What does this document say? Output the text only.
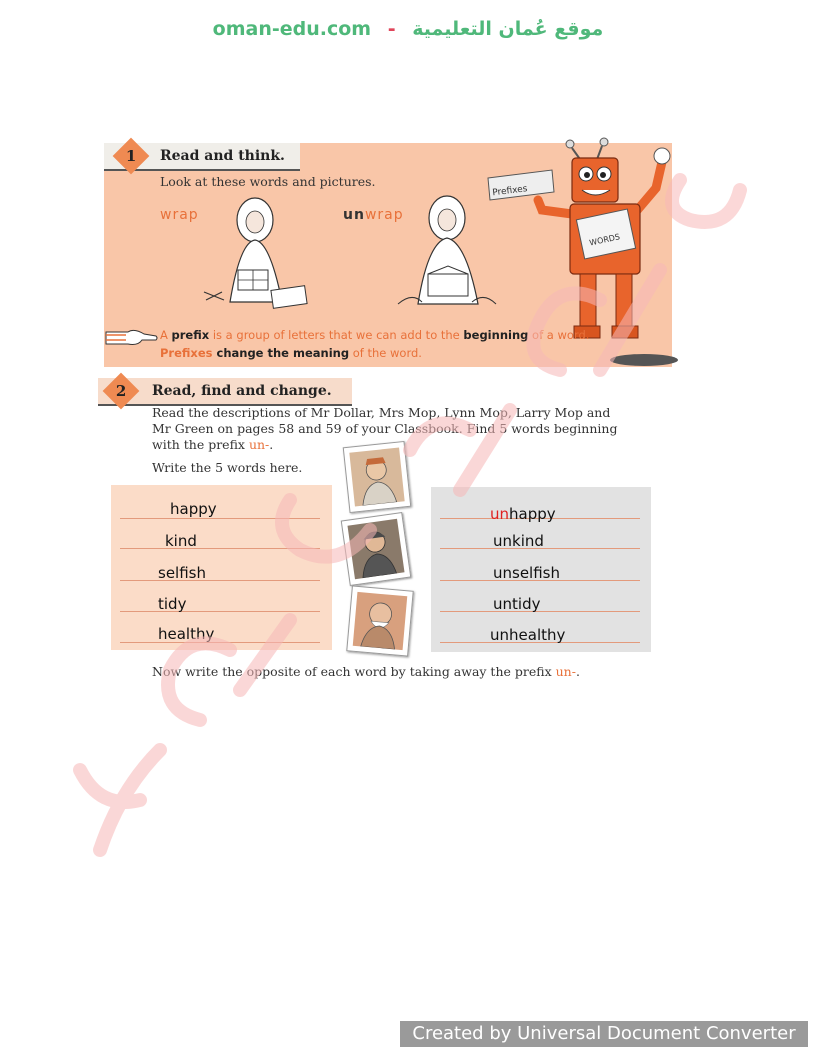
oman-edu.com - موقع عُمان التعليمية
1 Read and think.
Look at these words and pictures.
wrap	unwrap
Prefixes
WORDS
A prefix is a group of letters that we can add to the beginning of a word.
Prefixes change the meaning of the word.
2 Read, find and change.
Read the descriptions of Mr Dollar, Mrs Mop, Lynn Mop, Larry Mop and Mr Green on pages 58 and 59 of your Classbook. Find 5 words beginning with the prefix un-.
Write the 5 words here.
happy
kind
selfish
tidy
healthy
unhappy
unkind
unselfish
untidy
unhealthy
Now write the opposite of each word by taking away the prefix un-.
Created by Universal Document Converter
